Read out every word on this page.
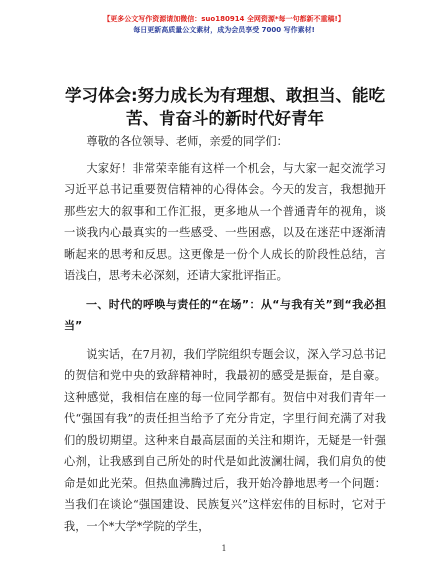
【更多公文写作资源请加微信：suo180914 全网资源*每一句都新不重稿!】
每日更新高质量公文素材，成为会员享受 7000 写作素材!
学习体会:努力成长为有理想、敢担当、能吃苦、肯奋斗的新时代好青年

尊敬的各位领导、老师，亲爱的同学们：

大家好！非常荣幸能有这样一个机会，与大家一起交流学习习近平总书记重要贺信精神的心得体会。今天的发言，我想抛开那些宏大的叙事和工作汇报，更多地从一个普通青年的视角，谈一谈我内心最真实的一些感受、一些困惑，以及在迷茫中逐渐清晰起来的思考和反思。这更像是一份个人成长的阶段性总结，言语浅白，思考未必深刻，还请大家批评指正。

一、时代的呼唤与责任的“在场”：从“与我有关”到“我必担当”

说实话，在7月初，我们学院组织专题会议，深入学习总书记的贺信和党中央的致辞精神时，我最初的感受是振奋，是自豪。这种感觉，我相信在座的每一位同学都有。贺信中对我们青年一代“强国有我”的责任担当给予了充分肯定，字里行间充满了对我们的殷切期望。这种来自最高层面的关注和期许，无疑是一针强心剂，让我感到自己所处的时代是如此波澜壮阔，我们肩负的使命是如此光荣。但热血沸腾过后，我开始冷静地思考一个问题：当我们在谈论“强国建设、民族复兴”这样宏伟的目标时，它对于我，一个*大学*学院的学生，

1
